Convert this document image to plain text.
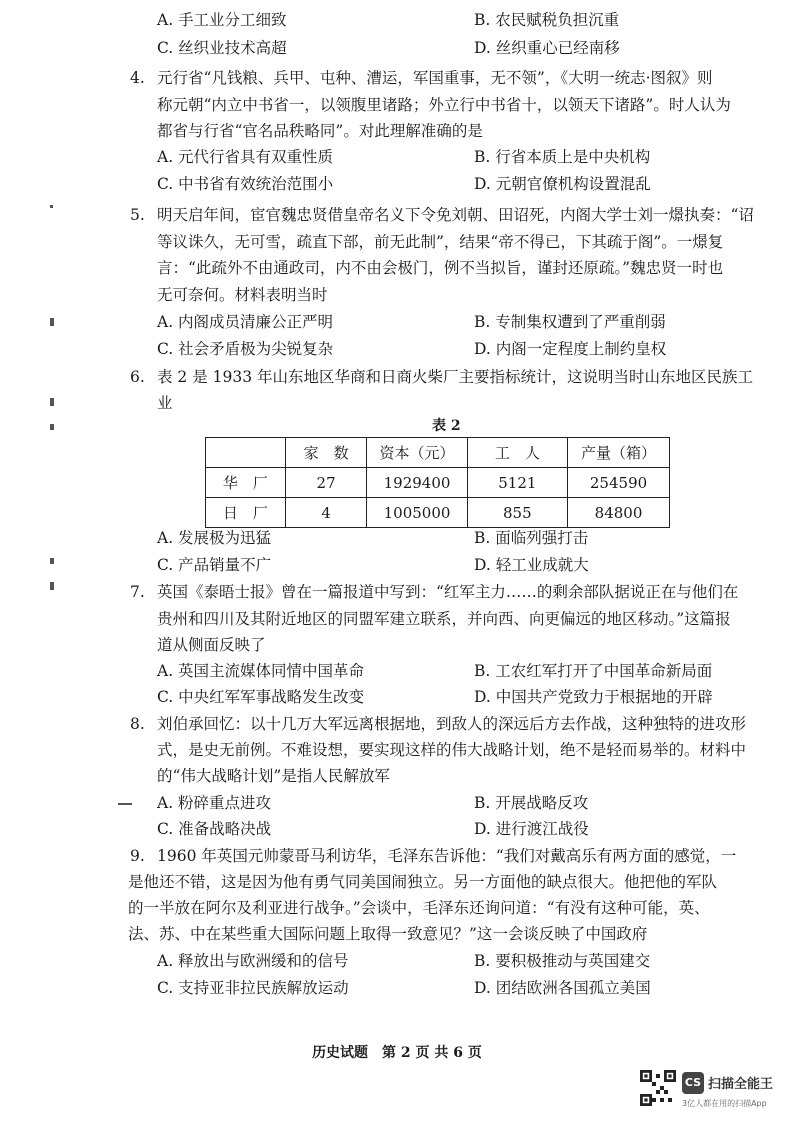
A. 手工业分工细致	B. 农民赋税负担沉重
C. 丝织业技术高超	D. 丝织重心已经南移
4. 元行省“凡钱粮、兵甲、屯种、漕运，军国重事，无不领”，《大明一统志·图叙》则
称元朝“内立中书省一，以领腹里诸路；外立行中书省十，以领天下诸路”。时人认为
都省与行省“官名品秩略同”。对此理解准确的是
A. 元代行省具有双重性质	B. 行省本质上是中央机构
C. 中书省有效统治范围小	D. 元朝官僚机构设置混乱
5. 明天启年间，宦官魏忠贤借皇帝名义下令免刘朝、田诏死，内阁大学士刘一燝执奏：“诏
等议诛久，无可雪，疏直下部，前无此制”，结果“帝不得已，下其疏于阁”。一燝复
言：“此疏外不由通政司，内不由会极门，例不当拟旨，谨封还原疏。”魏忠贤一时也
无可奈何。材料表明当时
A. 内阁成员清廉公正严明	B. 专制集权遭到了严重削弱
C. 社会矛盾极为尖锐复杂	D. 内阁一定程度上制约皇权
6. 表 2 是 1933 年山东地区华商和日商火柴厂主要指标统计，这说明当时山东地区民族工
业
表 2
	家　数	资本（元）	工　人	产量（箱）
华　厂	27	1929400	5121	254590
日　厂	4	1005000	855	84800
A. 发展极为迅猛	B. 面临列强打击
C. 产品销量不广	D. 轻工业成就大
7. 英国《泰晤士报》曾在一篇报道中写到：“红军主力……的剩余部队据说正在与他们在
贵州和四川及其附近地区的同盟军建立联系，并向西、向更偏远的地区移动。”这篇报
道从侧面反映了
A. 英国主流媒体同情中国革命	B. 工农红军打开了中国革命新局面
C. 中央红军军事战略发生改变	D. 中国共产党致力于根据地的开辟
8. 刘伯承回忆：以十几万大军远离根据地，到敌人的深远后方去作战，这种独特的进攻形
式，是史无前例。不难设想，要实现这样的伟大战略计划，绝不是轻而易举的。材料中
的“伟大战略计划”是指人民解放军
A. 粉碎重点进攻	B. 开展战略反攻
C. 准备战略决战	D. 进行渡江战役
9. 1960 年英国元帅蒙哥马利访华，毛泽东告诉他：“我们对戴高乐有两方面的感觉，一
是他还不错，这是因为他有勇气同美国闹独立。另一方面他的缺点很大。他把他的军队
的一半放在阿尔及利亚进行战争。”会谈中，毛泽东还询问道：“有没有这种可能，英、
法、苏、中在某些重大国际问题上取得一致意见？”这一会谈反映了中国政府
A. 释放出与欧洲缓和的信号	B. 要积极推动与英国建交
C. 支持亚非拉民族解放运动	D. 团结欧洲各国孤立美国
历史试题　第 2 页 共 6 页
CS 扫描全能王
3亿人都在用的扫描App
